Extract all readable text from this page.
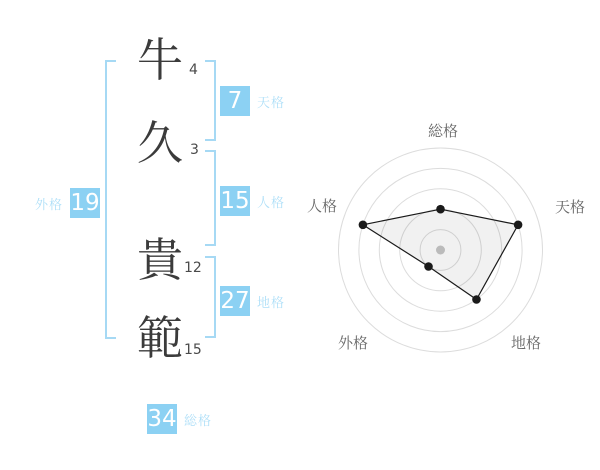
牛
久
貴
範
4
3
12
15
7	天格
15 人格
27 地格
外格 19
34 総格
総格
天格
地格
外格
人格
